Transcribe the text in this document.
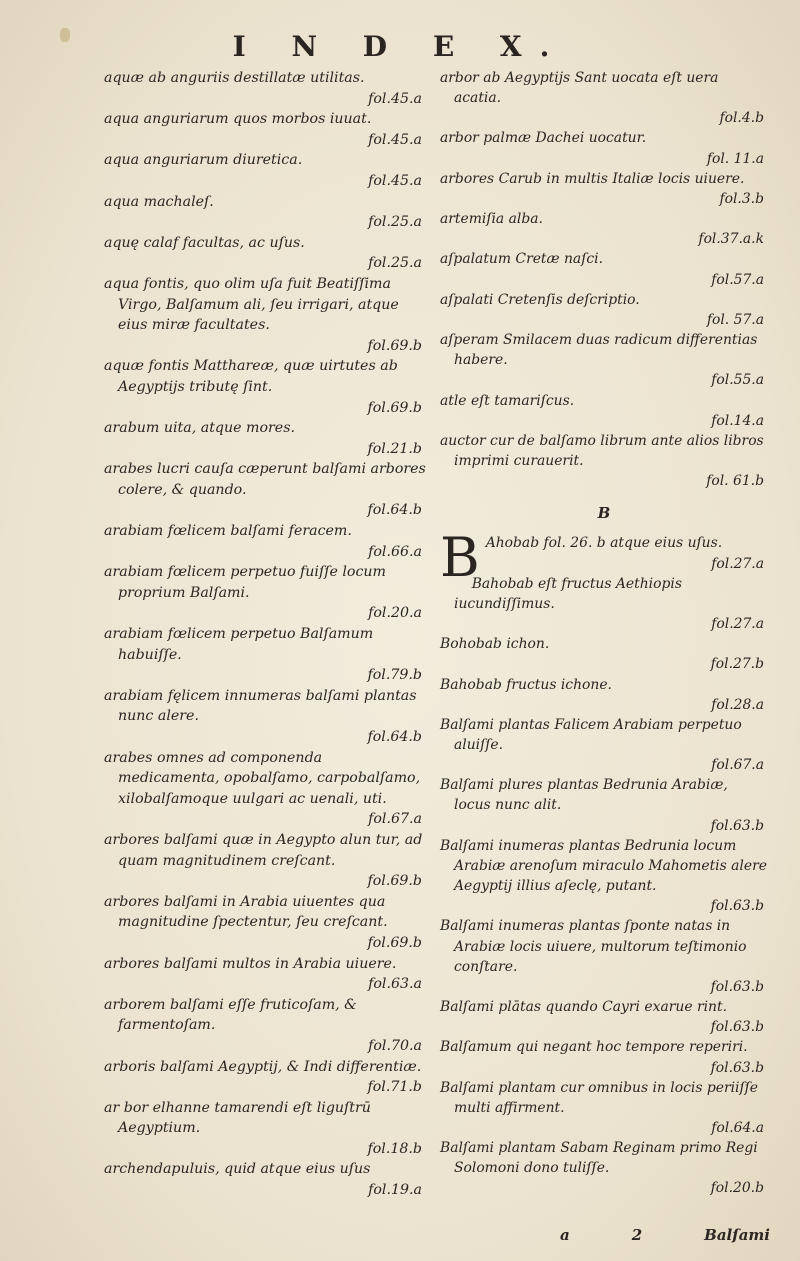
I N D E X.
aquæ ab anguriis destillatæ utilitas.
fol.45.a
aqua anguriarum quos morbos iuuat.
fol.45.a
aqua anguriarum diuretica.
fol.45.a
aqua machaleſ.
fol.25.a
aquę calaf facultas, ac uſus.
fol.25.a
aqua fontis, quo olim uſa fuit Beatiſſima Virgo, Balſamum ali, ſeu irrigari, atque eius miræ facultates.
fol.69.b
aquæ fontis Matthareæ, quæ uirtutes ab Aegyptijs tributę ſint.
fol.69.b
arabum uita, atque mores.
fol.21.b
arabes lucri cauſa cæperunt balſami arbores colere, & quando.
fol.64.b
arabiam fœlicem balſami feracem.
fol.66.a
arabiam fœlicem perpetuo fuiſſe locum proprium Balſami.
fol.20.a
arabiam fœlicem perpetuo Balſamum habuiſſe.
fol.79.b
arabiam fęlicem innumeras balſami plantas nunc alere.
fol.64.b
arabes omnes ad componenda medicamenta, opobalſamo, carpobalſamo, xilobalſamoque uulgari ac uenali, uti.
fol.67.a
arbores balſami quæ in Aegypto alun tur, ad quam magnitudinem creſcant.
fol.69.b
arbores balſami in Arabia uiuentes qua magnitudine ſpectentur, ſeu creſcant.
fol.69.b
arbores balſami multos in Arabia uiuere.
fol.63.a
arborem balſami eſſe fruticoſam, & farmentoſam.
fol.70.a
arboris balſami Aegyptij, & Indi differentiæ.
fol.71.b
ar bor elhanne tamarendi eſt liguſtrū Aegyptium.
fol.18.b
archendapuluis, quid atque eius uſus
fol.19.a
arbor ab Aegyptijs Sant uocata eſt uera acatia.
fol.4.b
arbor palmæ Dachei uocatur.
fol. 11.a
arbores Carub in multis Italiæ locis uiuere.
fol.3.b
artemiſia alba.
fol.37.a.k
aſpalatum Cretæ naſci.
fol.57.a
aſpalati Cretenſis deſcriptio.
fol. 57.a
aſperam Smilacem duas radicum differentias habere.
fol.55.a
atle eſt tamariſcus.
fol.14.a
auctor cur de balſamo librum ante alios libros imprimi curauerit.
fol. 61.b
B
B Ahobab fol. 26. b atque eius uſus.
fol.27.a
Bahobab eſt fructus Aethiopis iucundiſſimus.
fol.27.a
Bohobab ichon.
fol.27.b
Bahobab fructus ichone.
fol.28.a
Balſami plantas Falicem Arabiam perpetuo aluiſſe.
fol.67.a
Balſami plures plantas Bedrunia Arabiæ, locus nunc alit.
fol.63.b
Balſami inumeras plantas Bedrunia locum Arabiæ arenoſum miraculo Mahometis alere Aegyptij illius aſeclę, putant.
fol.63.b
Balſami inumeras plantas ſponte natas in Arabiæ locis uiuere, multorum teſtimonio conſtare.
fol.63.b
Balſami plātas quando Cayri exarue rint.
fol.63.b
Balſamum qui negant hoc tempore reperiri.
fol.63.b
Balſami plantam cur omnibus in locis periiſſe multi affirment.
fol.64.a
Balſami plantam Sabam Reginam primo Regi Solomoni dono tuliſſe.
fol.20.b
a	2	Balſami
